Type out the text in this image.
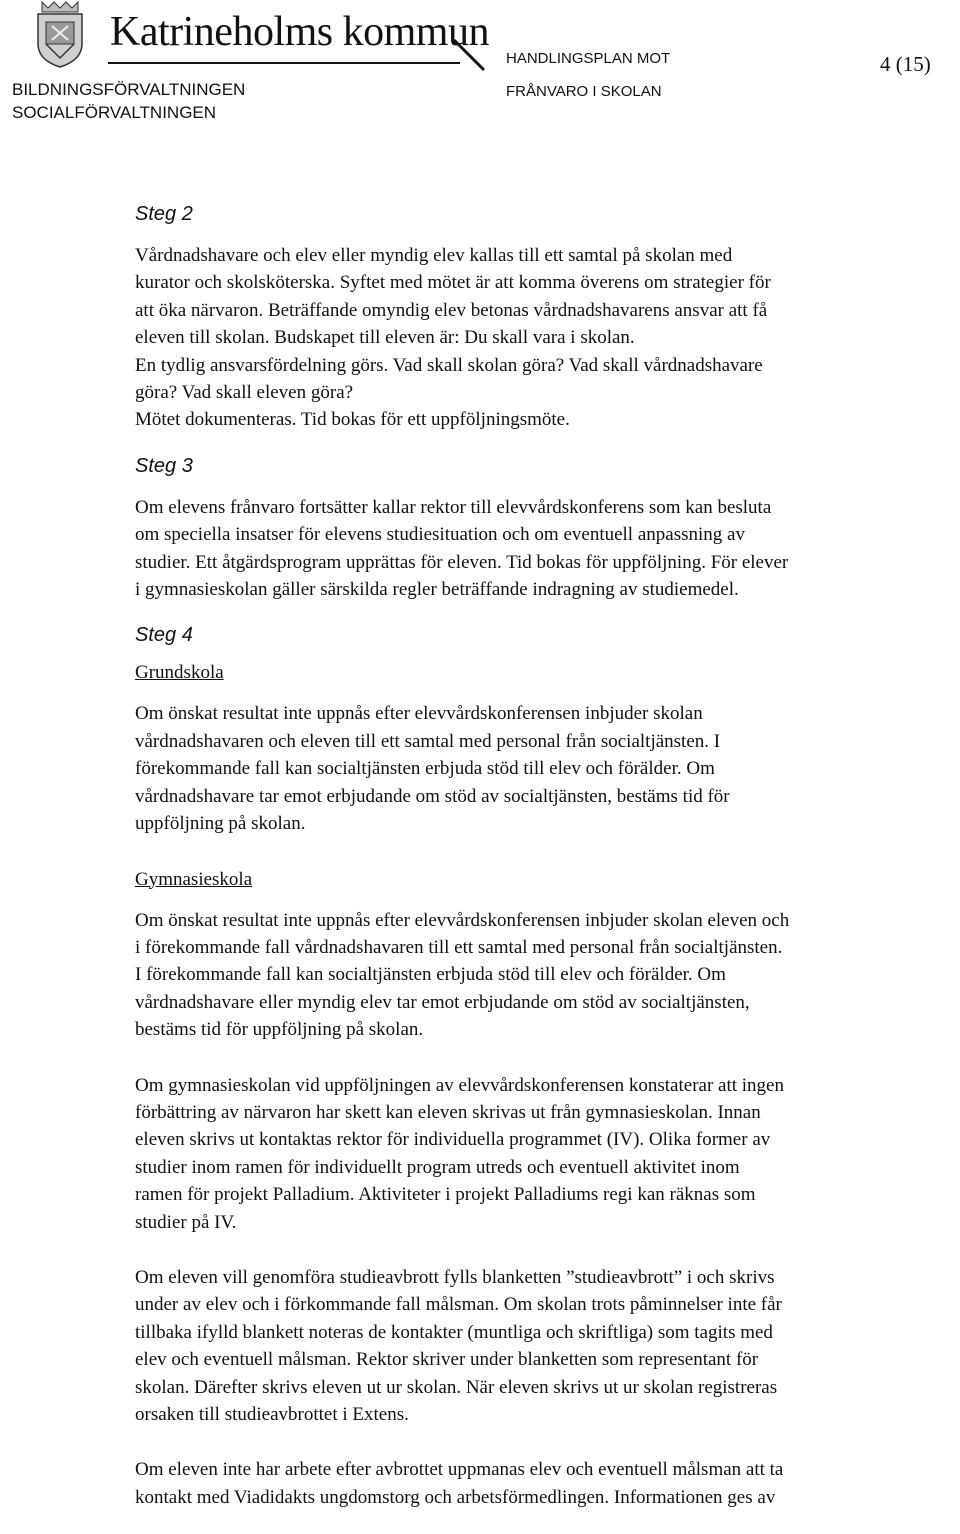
Katrineholms kommun
BILDNINGSFÖRVALTNINGEN
SOCIALFÖRVALTNINGEN
HANDLINGSPLAN MOT
FRÅNVARO I SKOLAN
4 (15)

Steg 2

Vårdnadshavare och elev eller myndig elev kallas till ett samtal på skolan med

kurator och skolsköterska. Syftet med mötet är att komma överens om strategier för

att öka närvaron. Beträffande omyndig elev betonas vårdnadshavarens ansvar att få

eleven till skolan. Budskapet till eleven är: Du skall vara i skolan.

En tydlig ansvarsfördelning görs. Vad skall skolan göra? Vad skall vårdnadshavare

göra? Vad skall eleven göra?

Mötet dokumenteras. Tid bokas för ett uppföljningsmöte.

Steg 3

Om elevens frånvaro fortsätter kallar rektor till elevvårdskonferens som kan besluta

om speciella insatser för elevens studiesituation och om eventuell anpassning av

studier. Ett åtgärdsprogram upprättas för eleven. Tid bokas för uppföljning. För elever

i gymnasieskolan gäller särskilda regler beträffande indragning av studiemedel.

Steg 4

Grundskola

Om önskat resultat inte uppnås efter elevvårdskonferensen inbjuder skolan

vårdnadshavaren och eleven till ett samtal med personal från socialtjänsten. I

förekommande fall kan socialtjänsten erbjuda stöd till elev och förälder. Om

vårdnadshavare tar emot erbjudande om stöd av socialtjänsten, bestäms tid för

uppföljning på skolan.

Gymnasieskola

Om önskat resultat inte uppnås efter elevvårdskonferensen inbjuder skolan eleven och

i förekommande fall vårdnadshavaren till ett samtal med personal från socialtjänsten.

I förekommande fall kan socialtjänsten erbjuda stöd till elev och förälder. Om

vårdnadshavare eller myndig elev tar emot erbjudande om stöd av socialtjänsten,

bestäms tid för uppföljning på skolan.

Om gymnasieskolan vid uppföljningen av elevvårdskonferensen konstaterar att ingen

förbättring av närvaron har skett kan eleven skrivas ut från gymnasieskolan. Innan

eleven skrivs ut kontaktas rektor för individuella programmet (IV). Olika former av

studier inom ramen för individuellt program utreds och eventuell aktivitet inom

ramen för projekt Palladium. Aktiviteter i projekt Palladiums regi kan räknas som

studier på IV.

Om eleven vill genomföra studieavbrott fylls blanketten ”studieavbrott” i och skrivs

under av elev och i förkommande fall målsman. Om skolan trots påminnelser inte får

tillbaka ifylld blankett noteras de kontakter (muntliga och skriftliga) som tagits med

elev och eventuell målsman. Rektor skriver under blanketten som representant för

skolan. Därefter skrivs eleven ut ur skolan. När eleven skrivs ut ur skolan registreras

orsaken till studieavbrottet i Extens.

Om eleven inte har arbete efter avbrottet uppmanas elev och eventuell målsman att ta

kontakt med Viadidakts ungdomstorg och arbetsförmedlingen. Informationen ges av
